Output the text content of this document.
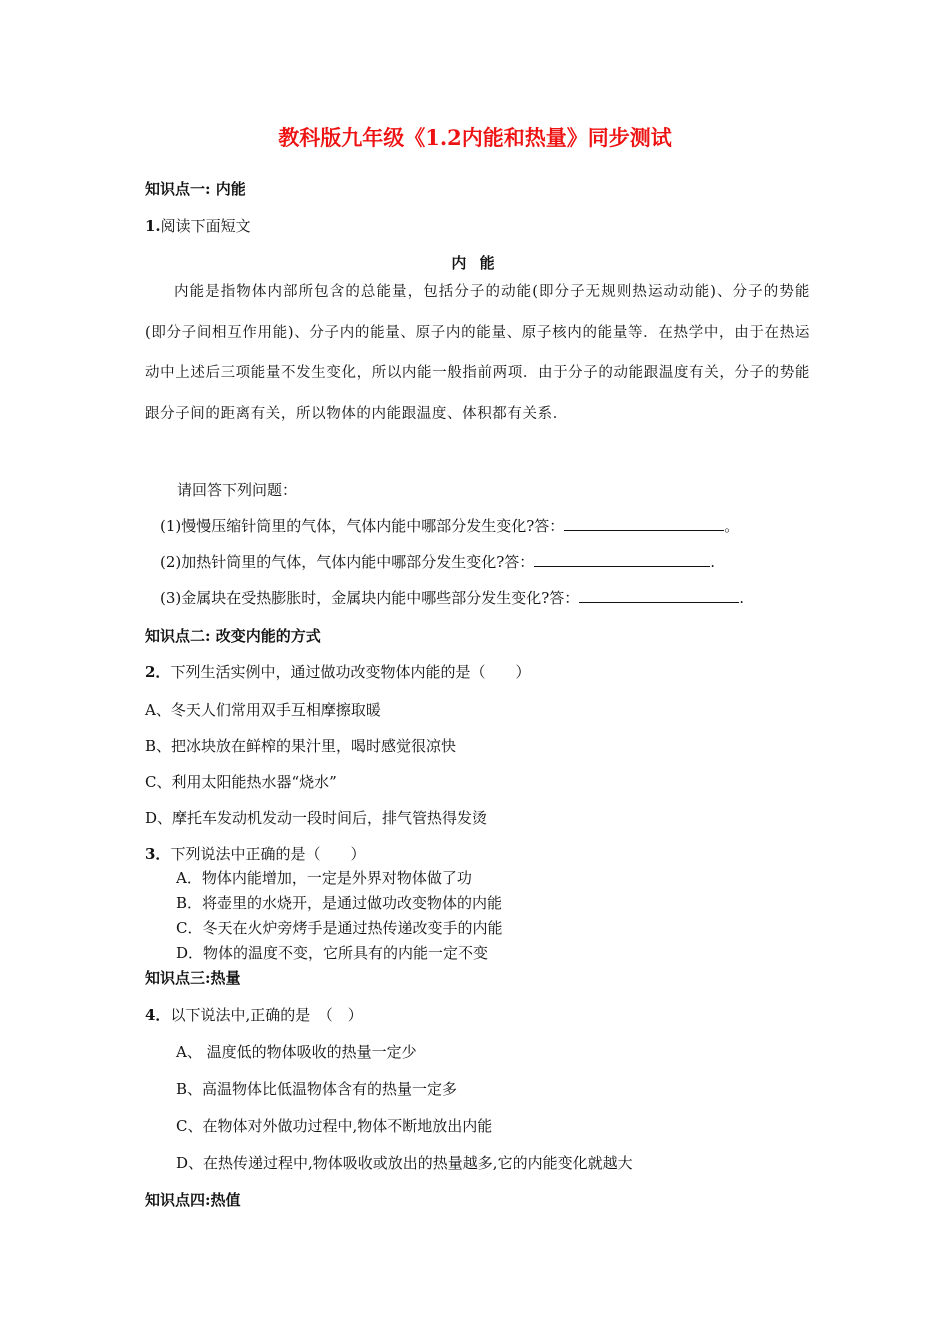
教科版九年级《1.2内能和热量》同步测试
知识点一: 内能
1.阅读下面短文
内 能
内能是指物体内部所包含的总能量，包括分子的动能(即分子无规则热运动动能)、分子的势能(即分子间相互作用能)、分子内的能量、原子内的能量、原子核内的能量等．在热学中，由于在热运动中上述后三项能量不发生变化，所以内能一般指前两项．由于分子的动能跟温度有关，分子的势能跟分子间的距离有关，所以物体的内能跟温度、体积都有关系．
请回答下列问题：
(1)慢慢压缩针筒里的气体，气体内能中哪部分发生变化?答：	。
(2)加热针筒里的气体，气体内能中哪部分发生变化?答：	.
(3)金属块在受热膨胀时，金属块内能中哪些部分发生变化?答：	.
知识点二: 改变内能的方式
2．下列生活实例中，通过做功改变物体内能的是（　　）
A、冬天人们常用双手互相摩擦取暖
B、把冰块放在鲜榨的果汁里，喝时感觉很凉快
C、利用太阳能热水器“烧水”
D、摩托车发动机发动一段时间后，排气管热得发烫
3．下列说法中正确的是（　　）
A．物体内能增加，一定是外界对物体做了功
B．将壶里的水烧开，是通过做功改变物体的内能
C．冬天在火炉旁烤手是通过热传递改变手的内能
D．物体的温度不变，它所具有的内能一定不变
知识点三:热量
4．以下说法中,正确的是　（　）
A、 温度低的物体吸收的热量一定少
B、高温物体比低温物体含有的热量一定多
C、在物体对外做功过程中,物体不断地放出内能
D、在热传递过程中,物体吸收或放出的热量越多,它的内能变化就越大
知识点四:热值
